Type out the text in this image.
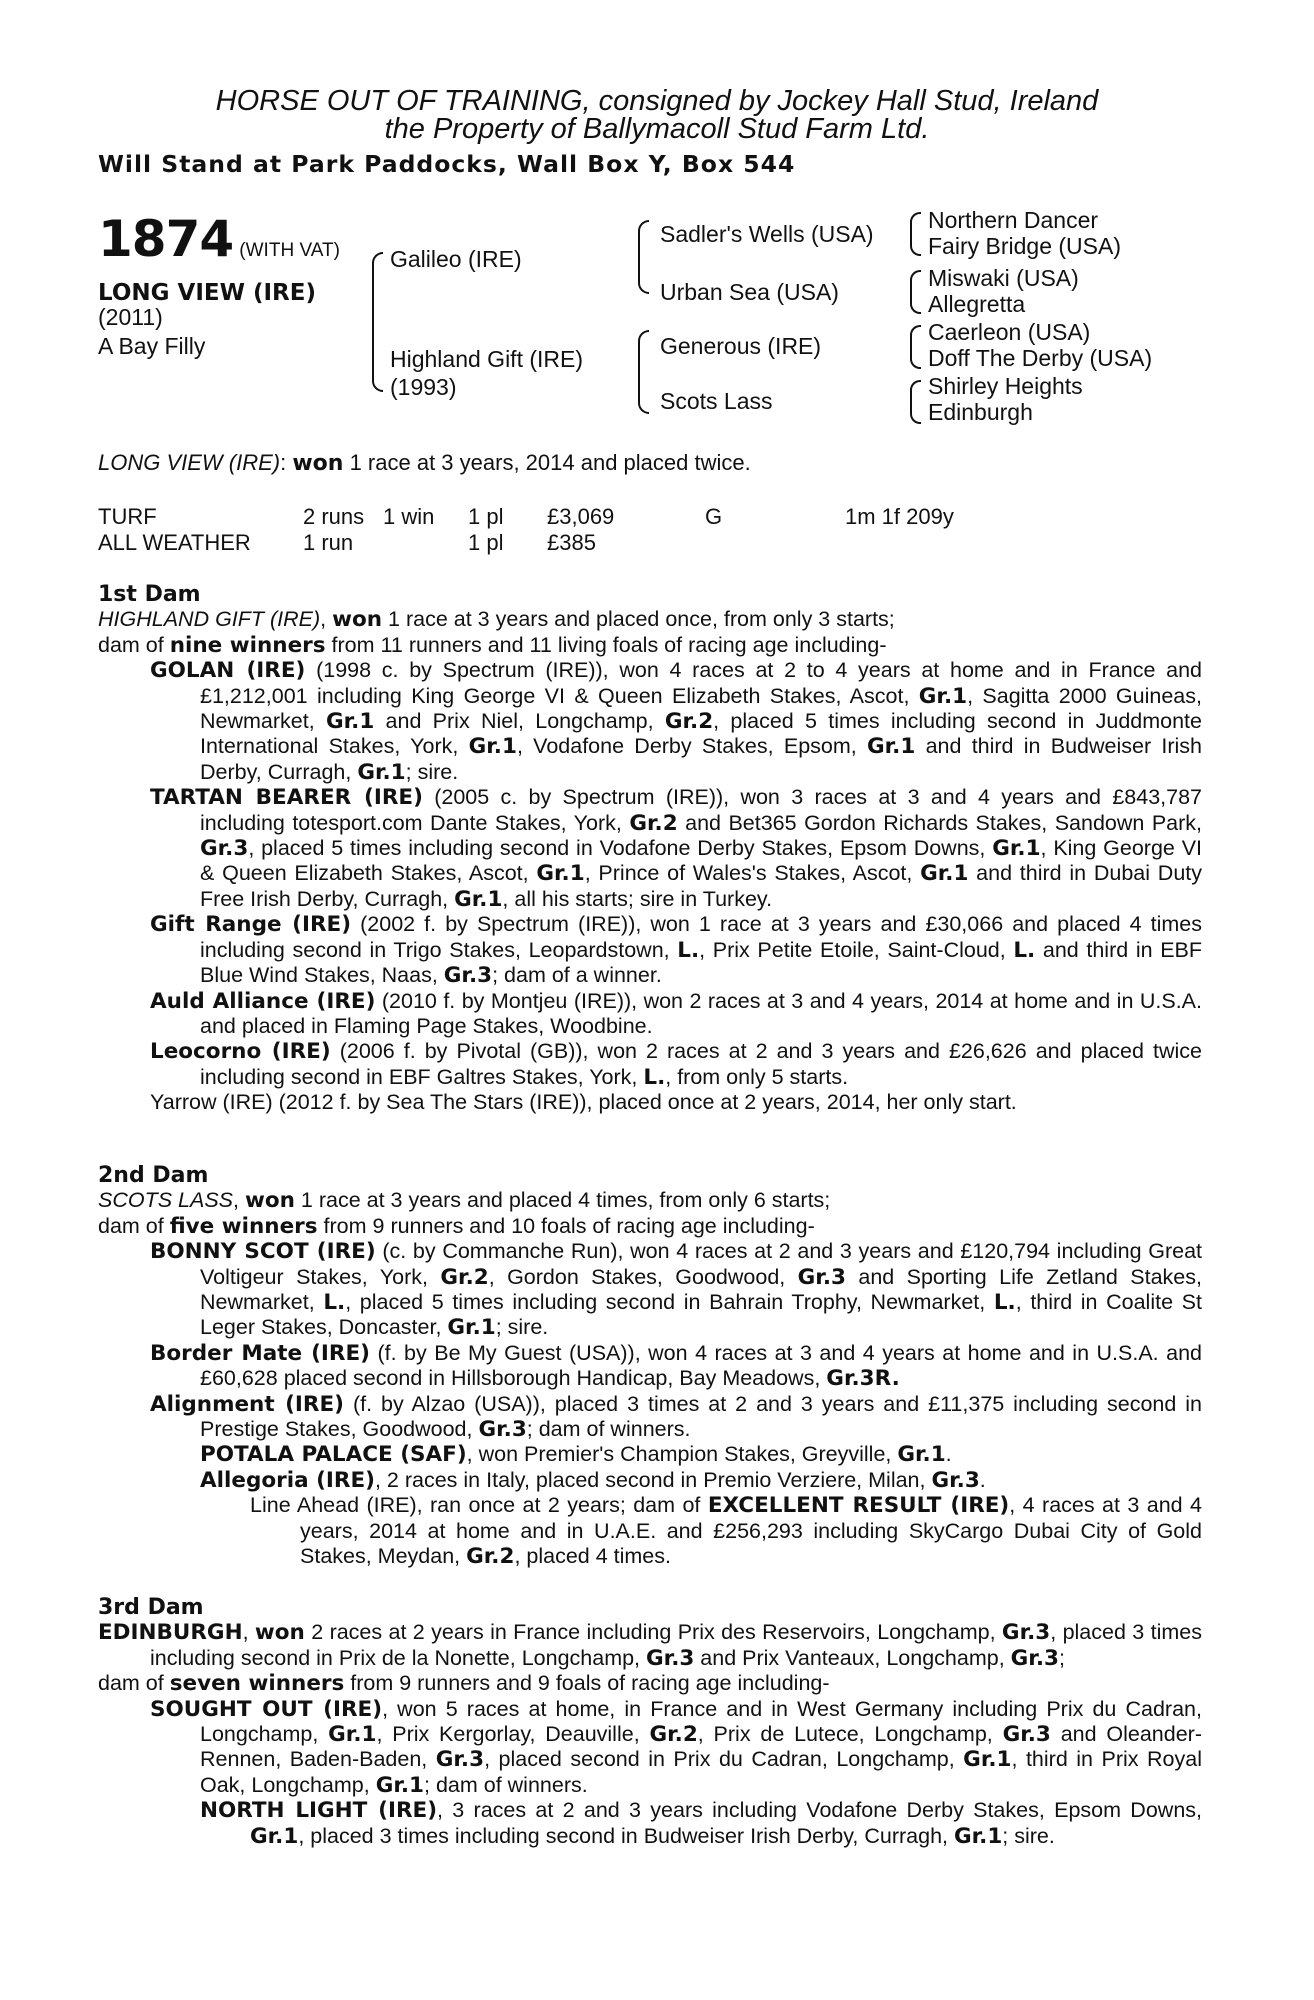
HORSE OUT OF TRAINING, consigned by Jockey Hall Stud, Ireland
the Property of Ballymacoll Stud Farm Ltd.
Will Stand at Park Paddocks, Wall Box Y, Box 544
1874 (WITH VAT)
LONG VIEW (IRE)
(2011)
A Bay Filly
Galileo (IRE)
Highland Gift (IRE)
(1993)
Sadler's Wells (USA)
Urban Sea (USA)
Generous (IRE)
Scots Lass
Northern Dancer
Fairy Bridge (USA)
Miswaki (USA)
Allegretta
Caerleon (USA)
Doff The Derby (USA)
Shirley Heights
Edinburgh
LONG VIEW (IRE): won 1 race at 3 years, 2014 and placed twice.
TURF	2 runs 1 win 1 pl £3,069	G	1m 1f 209y
ALL WEATHER 1 run	1 pl £385

1st Dam

HIGHLAND GIFT (IRE), won 1 race at 3 years and placed once, from only 3 starts;

dam of nine winners from 11 runners and 11 living foals of racing age including-

GOLAN (IRE) (1998 c. by Spectrum (IRE)), won 4 races at 2 to 4 years at home and in France and £1,212,001 including King George VI & Queen Elizabeth Stakes, Ascot, Gr.1, Sagitta 2000 Guineas, Newmarket, Gr.1 and Prix Niel, Longchamp, Gr.2, placed 5 times including second in Juddmonte International Stakes, York, Gr.1, Vodafone Derby Stakes, Epsom, Gr.1 and third in Budweiser Irish Derby, Curragh, Gr.1; sire.

TARTAN BEARER (IRE) (2005 c. by Spectrum (IRE)), won 3 races at 3 and 4 years and £843,787 including totesport.com Dante Stakes, York, Gr.2 and Bet365 Gordon Richards Stakes, Sandown Park, Gr.3, placed 5 times including second in Vodafone Derby Stakes, Epsom Downs, Gr.1, King George VI & Queen Elizabeth Stakes, Ascot, Gr.1, Prince of Wales's Stakes, Ascot, Gr.1 and third in Dubai Duty Free Irish Derby, Curragh, Gr.1, all his starts; sire in Turkey.

Gift Range (IRE) (2002 f. by Spectrum (IRE)), won 1 race at 3 years and £30,066 and placed 4 times including second in Trigo Stakes, Leopardstown, L., Prix Petite Etoile, Saint-Cloud, L. and third in EBF Blue Wind Stakes, Naas, Gr.3; dam of a winner.

Auld Alliance (IRE) (2010 f. by Montjeu (IRE)), won 2 races at 3 and 4 years, 2014 at home and in U.S.A. and placed in Flaming Page Stakes, Woodbine.

Leocorno (IRE) (2006 f. by Pivotal (GB)), won 2 races at 2 and 3 years and £26,626 and placed twice including second in EBF Galtres Stakes, York, L., from only 5 starts.

Yarrow (IRE) (2012 f. by Sea The Stars (IRE)), placed once at 2 years, 2014, her only start.

2nd Dam

SCOTS LASS, won 1 race at 3 years and placed 4 times, from only 6 starts;

dam of five winners from 9 runners and 10 foals of racing age including-

BONNY SCOT (IRE) (c. by Commanche Run), won 4 races at 2 and 3 years and £120,794 including Great Voltigeur Stakes, York, Gr.2, Gordon Stakes, Goodwood, Gr.3 and Sporting Life Zetland Stakes, Newmarket, L., placed 5 times including second in Bahrain Trophy, Newmarket, L., third in Coalite St Leger Stakes, Doncaster, Gr.1; sire.

Border Mate (IRE) (f. by Be My Guest (USA)), won 4 races at 3 and 4 years at home and in U.S.A. and £60,628 placed second in Hillsborough Handicap, Bay Meadows, Gr.3R.

Alignment (IRE) (f. by Alzao (USA)), placed 3 times at 2 and 3 years and £11,375 including second in Prestige Stakes, Goodwood, Gr.3; dam of winners.

POTALA PALACE (SAF), won Premier's Champion Stakes, Greyville, Gr.1.

Allegoria (IRE), 2 races in Italy, placed second in Premio Verziere, Milan, Gr.3.

Line Ahead (IRE), ran once at 2 years; dam of EXCELLENT RESULT (IRE), 4 races at 3 and 4 years, 2014 at home and in U.A.E. and £256,293 including SkyCargo Dubai City of Gold Stakes, Meydan, Gr.2, placed 4 times.

3rd Dam

EDINBURGH, won 2 races at 2 years in France including Prix des Reservoirs, Longchamp, Gr.3, placed 3 times including second in Prix de la Nonette, Longchamp, Gr.3 and Prix Vanteaux, Longchamp, Gr.3;

dam of seven winners from 9 runners and 9 foals of racing age including-

SOUGHT OUT (IRE), won 5 races at home, in France and in West Germany including Prix du Cadran, Longchamp, Gr.1, Prix Kergorlay, Deauville, Gr.2, Prix de Lutece, Longchamp, Gr.3 and Oleander-Rennen, Baden-Baden, Gr.3, placed second in Prix du Cadran, Longchamp, Gr.1, third in Prix Royal Oak, Longchamp, Gr.1; dam of winners.

NORTH LIGHT (IRE), 3 races at 2 and 3 years including Vodafone Derby Stakes, Epsom Downs, Gr.1, placed 3 times including second in Budweiser Irish Derby, Curragh, Gr.1; sire.
